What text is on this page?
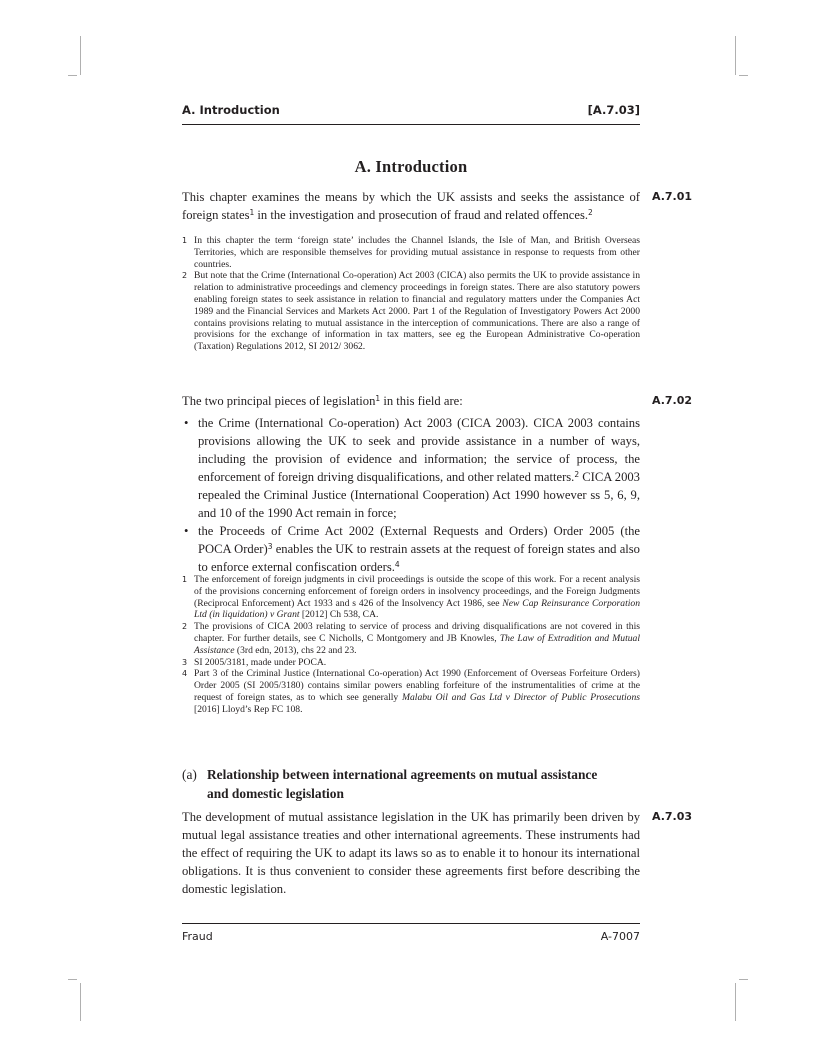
A. Introduction	[A.7.03]
A. Introduction
This chapter examines the means by which the UK assists and seeks the assistance of foreign states$^1$ in the investigation and prosecution of fraud and related offences.$^2$
A.7.01
1 In this chapter the term ‘foreign state’ includes the Channel Islands, the Isle of Man, and British Overseas Territories, which are responsible themselves for providing mutual assistance in response to requests from other countries.
2 But note that the Crime (International Co-operation) Act 2003 (CICA) also permits the UK to provide assistance in relation to administrative proceedings and clemency proceedings in foreign states. There are also statutory powers enabling foreign states to seek assistance in relation to financial and regulatory matters under the Companies Act 1989 and the Financial Services and Markets Act 2000. Part 1 of the Regulation of Investigatory Powers Act 2000 contains provisions relating to mutual assistance in the interception of communications. There are also a range of provisions for the exchange of information in tax matters, see eg the European Administrative Co-operation (Taxation) Regulations 2012, SI 2012/ 3062.
The two principal pieces of legislation$^1$ in this field are:	A.7.02
• the Crime (International Co-operation) Act 2003 (CICA 2003). CICA 2003 contains provisions allowing the UK to seek and provide assistance in a number of ways, including the provision of evidence and information; the service of process, the enforcement of foreign driving disqualifications, and other related matters.$^2$ CICA 2003 repealed the Criminal Justice (International Cooperation) Act 1990 however ss 5, 6, 9, and 10 of the 1990 Act remain in force;
• the Proceeds of Crime Act 2002 (External Requests and Orders) Order 2005 (the POCA Order)$^3$ enables the UK to restrain assets at the request of foreign states and also to enforce external confiscation orders.$^4$
1 The enforcement of foreign judgments in civil proceedings is outside the scope of this work. For a recent analysis of the provisions concerning enforcement of foreign orders in insolvency proceedings, and the Foreign Judgments (Reciprocal Enforcement) Act 1933 and s 426 of the Insolvency Act 1986, see New Cap Reinsurance Corporation Ltd (in liquidation) v Grant [2012] Ch 538, CA.
2 The provisions of CICA 2003 relating to service of process and driving disqualifications are not covered in this chapter. For further details, see C Nicholls, C Montgomery and JB Knowles, The Law of Extradition and Mutual Assistance (3rd edn, 2013), chs 22 and 23.
3 SI 2005/3181, made under POCA.
4 Part 3 of the Criminal Justice (International Co-operation) Act 1990 (Enforcement of Overseas Forfeiture Orders) Order 2005 (SI 2005/3180) contains similar powers enabling forfeiture of the instrumentalities of crime at the request of foreign states, as to which see generally Malabu Oil and Gas Ltd v Director of Public Prosecutions [2016] Lloyd’s Rep FC 108.
(a) Relationship between international agreements on mutual assistance and domestic legislation
The development of mutual assistance legislation in the UK has primarily been driven by mutual legal assistance treaties and other international agreements. These instruments had the effect of requiring the UK to adapt its laws so as to enable it to honour its international obligations. It is thus convenient to consider these agreements first before describing the domestic legislation.
A.7.03
Fraud	A-7007
